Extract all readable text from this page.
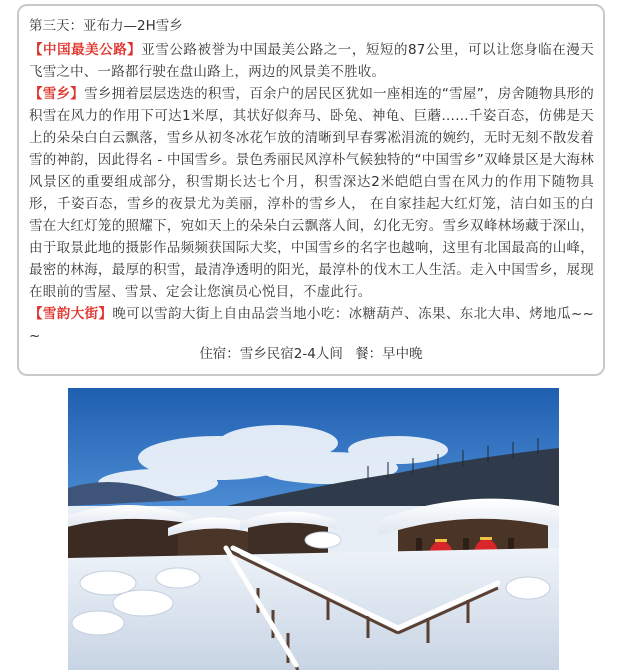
第三天：亚布力—2H雪乡

【中国最美公路】亚雪公路被誉为中国最美公路之一，短短的87公里，可以让您身临在漫天飞雪之中、一路都行驶在盘山路上，两边的风景美不胜收。

【雪乡】雪乡拥着层层迭迭的积雪，百余户的居民区犹如一座相连的“雪屋”，房舍随物具形的积雪在风力的作用下可达1米厚，其状好似奔马、卧兔、神龟、巨蘑……千姿百态，仿佛是天上的朵朵白白云飘落，雪乡从初冬冰花乍放的清晰到早春雾凇涓流的婉约，无时无刻不散发着雪的神韵，因此得名 - 中国雪乡。景色秀丽民风淳朴气候独特的“中国雪乡”双峰景区是大海林风景区的重要组成部分，积雪期长达七个月，积雪深达2米皑皑白雪在风力的作用下随物具形，千姿百态，雪乡的夜景尤为美丽，淳朴的雪乡人， 在自家挂起大红灯笼，洁白如玉的白雪在大红灯笼的照耀下，宛如天上的朵朵白云飘落人间，幻化无穷。雪乡双峰林场藏于深山，由于取景此地的摄影作品频频获国际大奖，中国雪乡的名字也越响，这里有北国最高的山峰，最密的林海，最厚的积雪，最清净透明的阳光，最淳朴的伐木工人生活。走入中国雪乡，展现在眼前的雪屋、雪景、定会让您演员心悦目，不虚此行。

【雪韵大街】晚可以雪韵大街上自由品尝当地小吃：冰糖葫芦、冻果、东北大串、烤地瓜~~~

住宿：雪乡民宿2-4人间 餐：早中晚
